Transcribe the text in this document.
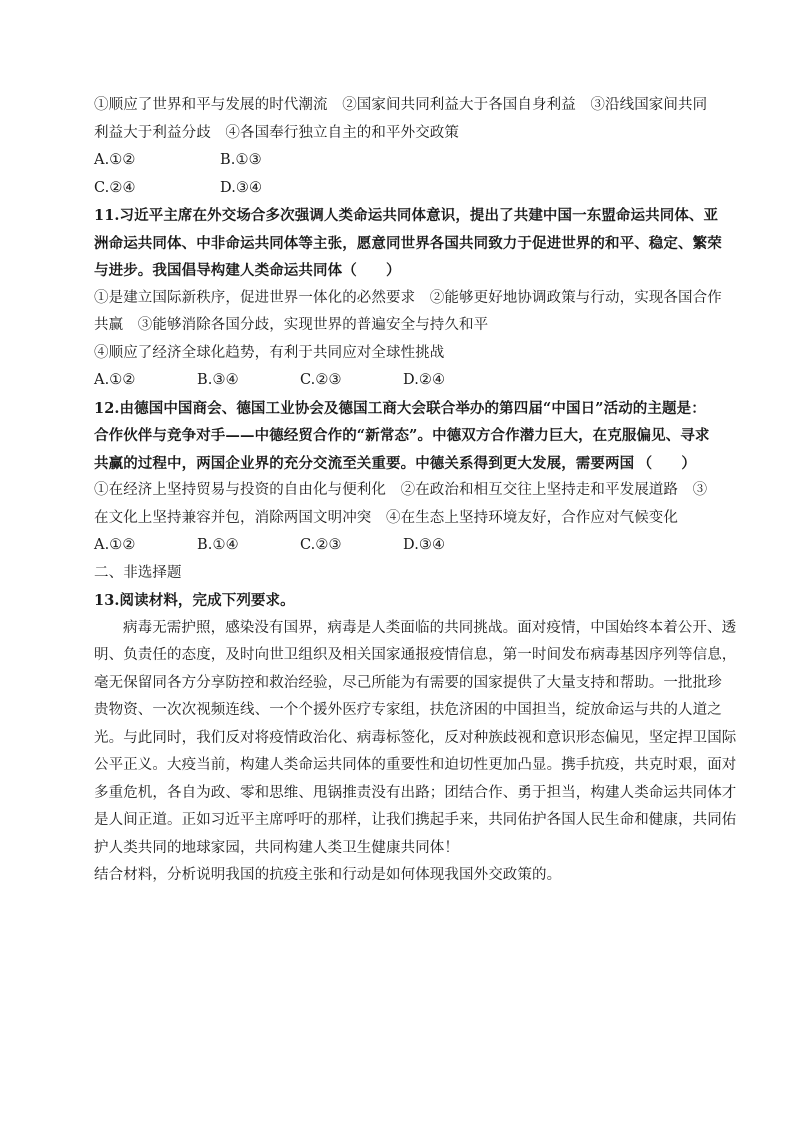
①顺应了世界和平与发展的时代潮流　②国家间共同利益大于各国自身利益　③沿线国家间共同
利益大于利益分歧　④各国奉行独立自主的和平外交政策
A.①②	B.①③
C.②④	D.③④
11.习近平主席在外交场合多次强调人类命运共同体意识，提出了共建中国一东盟命运共同体、亚
洲命运共同体、中非命运共同体等主张，愿意同世界各国共同致力于促进世界的和平、稳定、繁荣
与进步。我国倡导构建人类命运共同体（　　）
①是建立国际新秩序，促进世界一体化的必然要求　②能够更好地协调政策与行动，实现各国合作
共赢　③能够消除各国分歧，实现世界的普遍安全与持久和平
④顺应了经济全球化趋势，有利于共同应对全球性挑战
A.①②	B.③④	C.②③	D.②④
12.由德国中国商会、德国工业协会及德国工商大会联合举办的第四届“中国日”活动的主题是：
合作伙伴与竞争对手——中德经贸合作的“新常态”。中德双方合作潜力巨大，在克服偏见、寻求
共赢的过程中，两国企业界的充分交流至关重要。中德关系得到更大发展，需要两国 （　　）
①在经济上坚持贸易与投资的自由化与便利化　②在政治和相互交往上坚持走和平发展道路　③
在文化上坚持兼容并包，消除两国文明冲突　④在生态上坚持环境友好，合作应对气候变化
A.①②	B.①④	C.②③	D.③④
二、非选择题
13.阅读材料，完成下列要求。
病毒无需护照，感染没有国界，病毒是人类面临的共同挑战。面对疫情，中国始终本着公开、透
明、负责任的态度，及时向世卫组织及相关国家通报疫情信息，第一时间发布病毒基因序列等信息，
毫无保留同各方分享防控和救治经验，尽己所能为有需要的国家提供了大量支持和帮助。一批批珍
贵物资、一次次视频连线、一个个援外医疗专家组，扶危济困的中国担当，绽放命运与共的人道之
光。与此同时，我们反对将疫情政治化、病毒标签化，反对种族歧视和意识形态偏见，坚定捍卫国际
公平正义。大疫当前，构建人类命运共同体的重要性和迫切性更加凸显。携手抗疫，共克时艰，面对
多重危机，各自为政、零和思维、甩锅推责没有出路；团结合作、勇于担当，构建人类命运共同体才
是人间正道。正如习近平主席呼吁的那样，让我们携起手来，共同佑护各国人民生命和健康，共同佑
护人类共同的地球家园，共同构建人类卫生健康共同体！
结合材料，分析说明我国的抗疫主张和行动是如何体现我国外交政策的。
